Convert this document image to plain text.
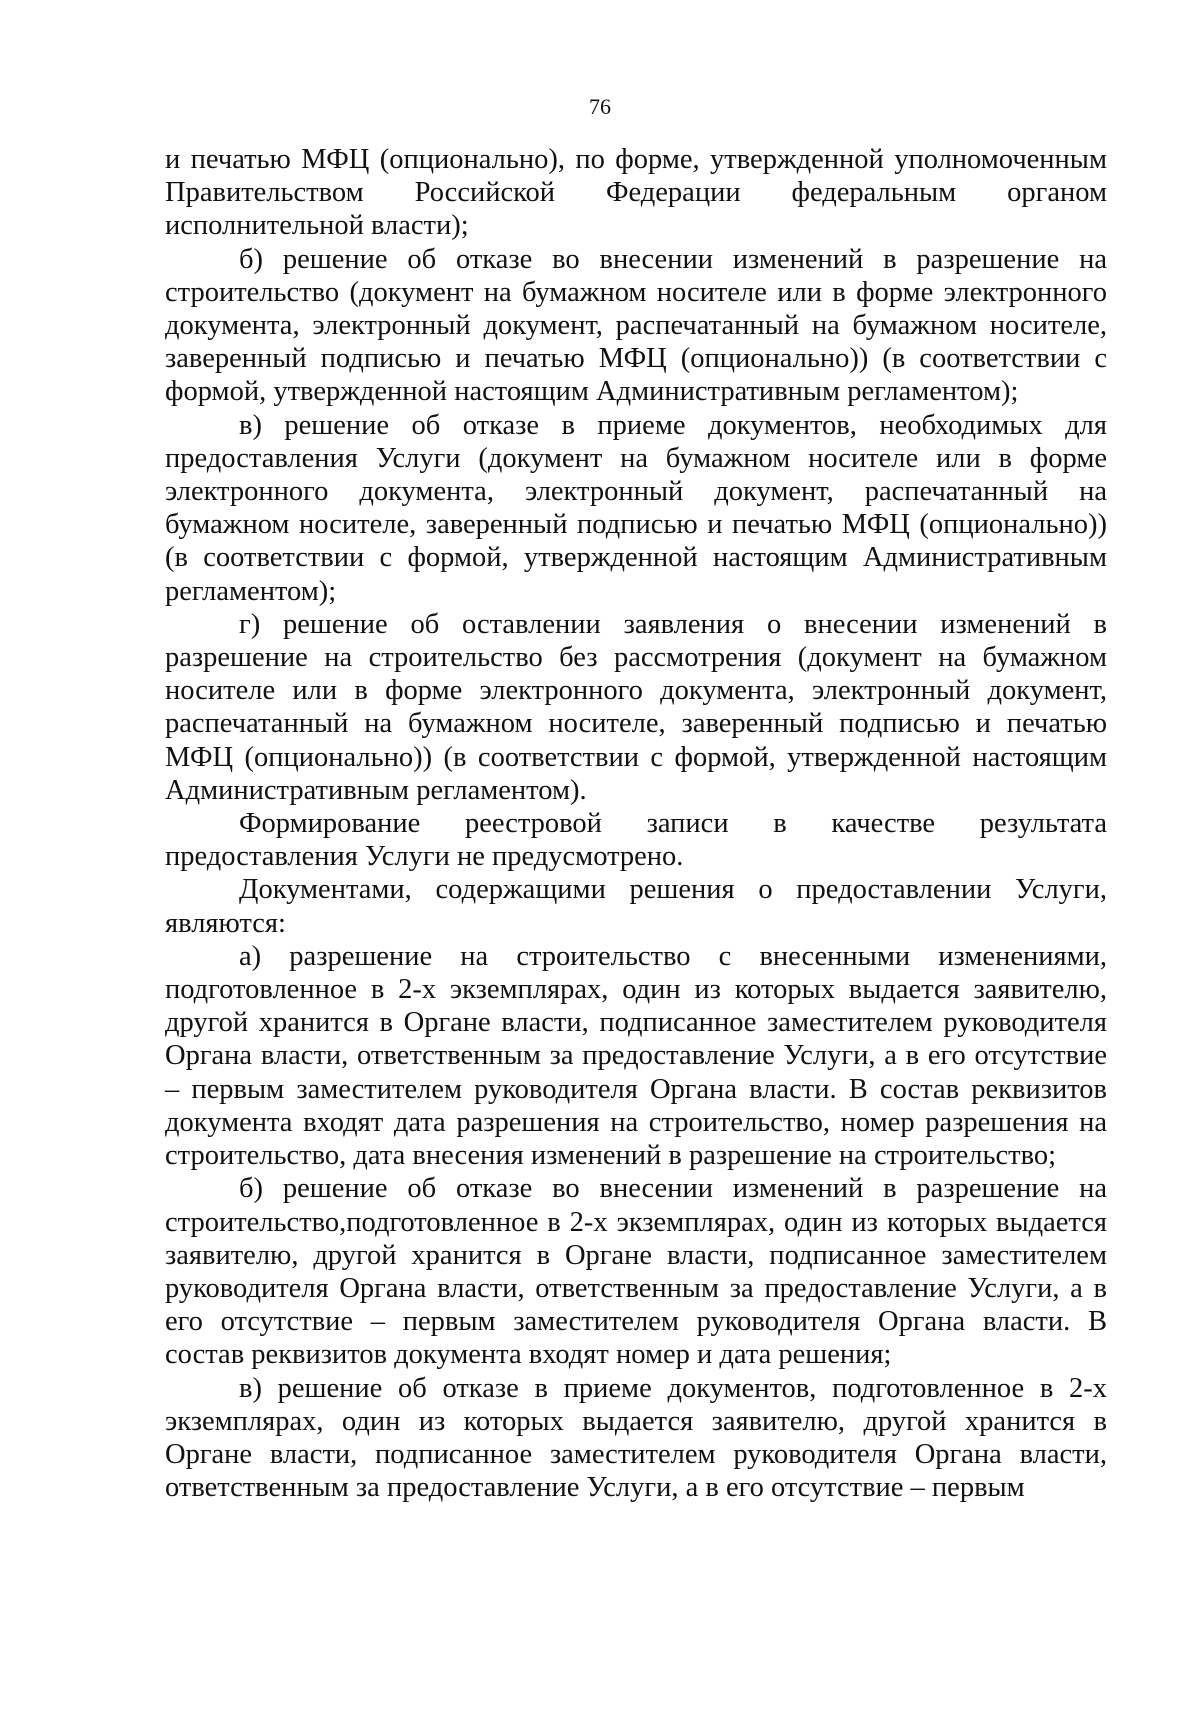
76

и печатью МФЦ (опционально), по форме, утвержденной уполномоченным Правительством Российской Федерации федеральным органом исполнительной власти);

б) решение об отказе во внесении изменений в разрешение на строительство (документ на бумажном носителе или в форме электронного документа, электронный документ, распечатанный на бумажном носителе, заверенный подписью и печатью МФЦ (опционально)) (в соответствии с формой, утвержденной настоящим Административным регламентом);

в) решение об отказе в приеме документов, необходимых для предоставления Услуги (документ на бумажном носителе или в форме электронного документа, электронный документ, распечатанный на бумажном носителе, заверенный подписью и печатью МФЦ (опционально)) (в соответствии с формой, утвержденной настоящим Административным регламентом);

г) решение об оставлении заявления о внесении изменений в разрешение на строительство без рассмотрения (документ на бумажном носителе или в форме электронного документа, электронный документ, распечатанный на бумажном носителе, заверенный подписью и печатью МФЦ (опционально)) (в соответствии с формой, утвержденной настоящим Административным регламентом).

Формирование реестровой записи в качестве результата предоставления Услуги не предусмотрено.

Документами, содержащими решения о предоставлении Услуги, являются:

а) разрешение на строительство с внесенными изменениями, подготовленное в 2-х экземплярах, один из которых выдается заявителю, другой хранится в Органе власти, подписанное заместителем руководителя Органа власти, ответственным за предоставление Услуги, а в его отсутствие – первым заместителем руководителя Органа власти. В состав реквизитов документа входят дата разрешения на строительство, номер разрешения на строительство, дата внесения изменений в разрешение на строительство;

б) решение об отказе во внесении изменений в разрешение на строительство,подготовленное в 2-х экземплярах, один из которых выдается заявителю, другой хранится в Органе власти, подписанное заместителем руководителя Органа власти, ответственным за предоставление Услуги, а в его отсутствие – первым заместителем руководителя Органа власти. В состав реквизитов документа входят номер и дата решения;

в) решение об отказе в приеме документов, подготовленное в 2-х экземплярах, один из которых выдается заявителю, другой хранится в Органе власти, подписанное заместителем руководителя Органа власти, ответственным за предоставление Услуги, а в его отсутствие – первым
